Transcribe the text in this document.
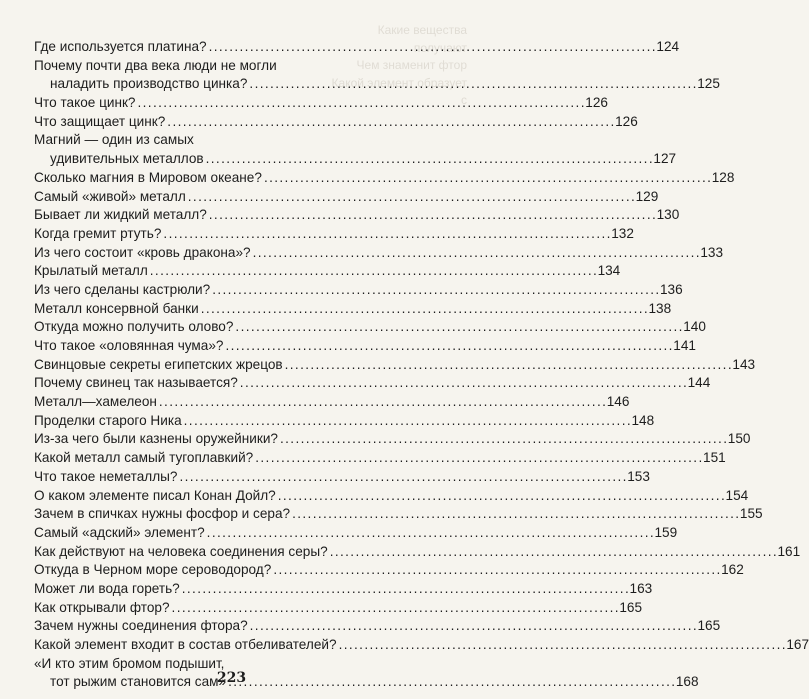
Какие вещества получают
Чем знаменит фтор
Какой элемент образует с
Где используется платина? . . .	124
Почему почти два века люди не могли
наладить производство цинка? . . .	125
Что такое цинк? . . .	126
Что защищает цинк? . . .	126
Магний — один из самых
удивительных металлов . . .	127
Сколько магния в Мировом океане? . . .	128
Самый «живой» металл . . .	129
Бывает ли жидкий металл? . . .	130
Когда гремит ртуть? . . .	132
Из чего состоит «кровь дракона»? . . .	133
Крылатый металл . . .	134
Из чего сделаны кастрюли? . . .	136
Металл консервной банки . . .	138
Откуда можно получить олово? . . .	140
Что такое «оловянная чума»? . . .	141
Свинцовые секреты египетских жрецов . . .	143
Почему свинец так называется? . . .	144
Металл—хамелеон . . .	146
Проделки старого Ника . . .	148
Из-за чего были казнены оружейники? . . .	150
Какой металл самый тугоплавкий? . . .	151
Что такое неметаллы? . . .	153
О каком элементе писал Конан Дойл? . . .	154
Зачем в спичках нужны фосфор и сера? . . .	155
Самый «адский» элемент? . . .	159
Как действуют на человека соединения серы? . . .	161
Откуда в Черном море сероводород? . . .	162
Может ли вода гореть? . . .	163
Как открывали фтор? . . .	165
Зачем нужны соединения фтора? . . .	165
Какой элемент входит в состав отбеливателей? . . .	167
«И кто этим бромом подышит,
тот рыжим становится сам» . . .	168
223
